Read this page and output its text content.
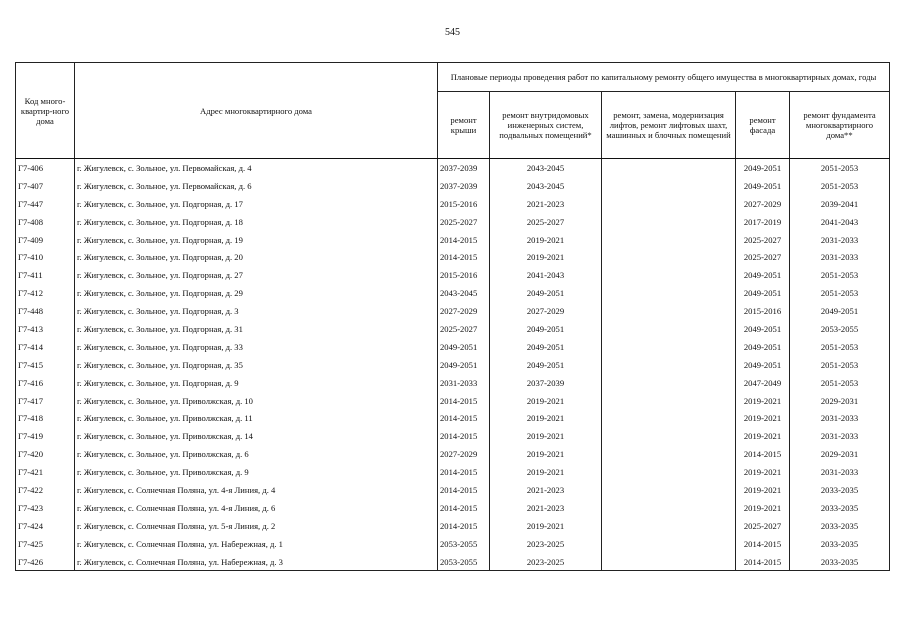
545
Код много-квартир-ного дома	Адрес многоквартирного дома	Плановые периоды проведения работ по капитальному ремонту общего имущества в многоквартирных домах, годы				
		ремонт крыши	ремонт внутридомовых инженерных систем, подвальных помещений*	ремонт, замена, модернизация лифтов, ремонт лифтовых шахт, машинных и блочных помещений	ремонт фасада	ремонт фундамента многоквартирного дома**
Г7-406	г. Жигулевск, с. Зольное, ул. Первомайская, д. 4	2037-2039	2043-2045		2049-2051	2051-2053
Г7-407	г. Жигулевск, с. Зольное, ул. Первомайская, д. 6	2037-2039	2043-2045		2049-2051	2051-2053
Г7-447	г. Жигулевск, с. Зольное, ул. Подгорная, д. 17	2015-2016	2021-2023		2027-2029	2039-2041
Г7-408	г. Жигулевск, с. Зольное, ул. Подгорная, д. 18	2025-2027	2025-2027		2017-2019	2041-2043
Г7-409	г. Жигулевск, с. Зольное, ул. Подгорная, д. 19	2014-2015	2019-2021		2025-2027	2031-2033
Г7-410	г. Жигулевск, с. Зольное, ул. Подгорная, д. 20	2014-2015	2019-2021		2025-2027	2031-2033
Г7-411	г. Жигулевск, с. Зольное, ул. Подгорная, д. 27	2015-2016	2041-2043		2049-2051	2051-2053
Г7-412	г. Жигулевск, с. Зольное, ул. Подгорная, д. 29	2043-2045	2049-2051		2049-2051	2051-2053
Г7-448	г. Жигулевск, с. Зольное, ул. Подгорная, д. 3	2027-2029	2027-2029		2015-2016	2049-2051
Г7-413	г. Жигулевск, с. Зольное, ул. Подгорная, д. 31	2025-2027	2049-2051		2049-2051	2053-2055
Г7-414	г. Жигулевск, с. Зольное, ул. Подгорная, д. 33	2049-2051	2049-2051		2049-2051	2051-2053
Г7-415	г. Жигулевск, с. Зольное, ул. Подгорная, д. 35	2049-2051	2049-2051		2049-2051	2051-2053
Г7-416	г. Жигулевск, с. Зольное, ул. Подгорная, д. 9	2031-2033	2037-2039		2047-2049	2051-2053
Г7-417	г. Жигулевск, с. Зольное, ул. Приволжская, д. 10	2014-2015	2019-2021		2019-2021	2029-2031
Г7-418	г. Жигулевск, с. Зольное, ул. Приволжская, д. 11	2014-2015	2019-2021		2019-2021	2031-2033
Г7-419	г. Жигулевск, с. Зольное, ул. Приволжская, д. 14	2014-2015	2019-2021		2019-2021	2031-2033
Г7-420	г. Жигулевск, с. Зольное, ул. Приволжская, д. 6	2027-2029	2019-2021		2014-2015	2029-2031
Г7-421	г. Жигулевск, с. Зольное, ул. Приволжская, д. 9	2014-2015	2019-2021		2019-2021	2031-2033
Г7-422	г. Жигулевск, с. Солнечная Поляна, ул. 4-я Линия, д. 4	2014-2015	2021-2023		2019-2021	2033-2035
Г7-423	г. Жигулевск, с. Солнечная Поляна, ул. 4-я Линия, д. 6	2014-2015	2021-2023		2019-2021	2033-2035
Г7-424	г. Жигулевск, с. Солнечная Поляна, ул. 5-я Линия, д. 2	2014-2015	2019-2021		2025-2027	2033-2035
Г7-425	г. Жигулевск, с. Солнечная Поляна, ул. Набережная, д. 1	2053-2055	2023-2025		2014-2015	2033-2035
Г7-426	г. Жигулевск, с. Солнечная Поляна, ул. Набережная, д. 3	2053-2055	2023-2025		2014-2015	2033-2035
